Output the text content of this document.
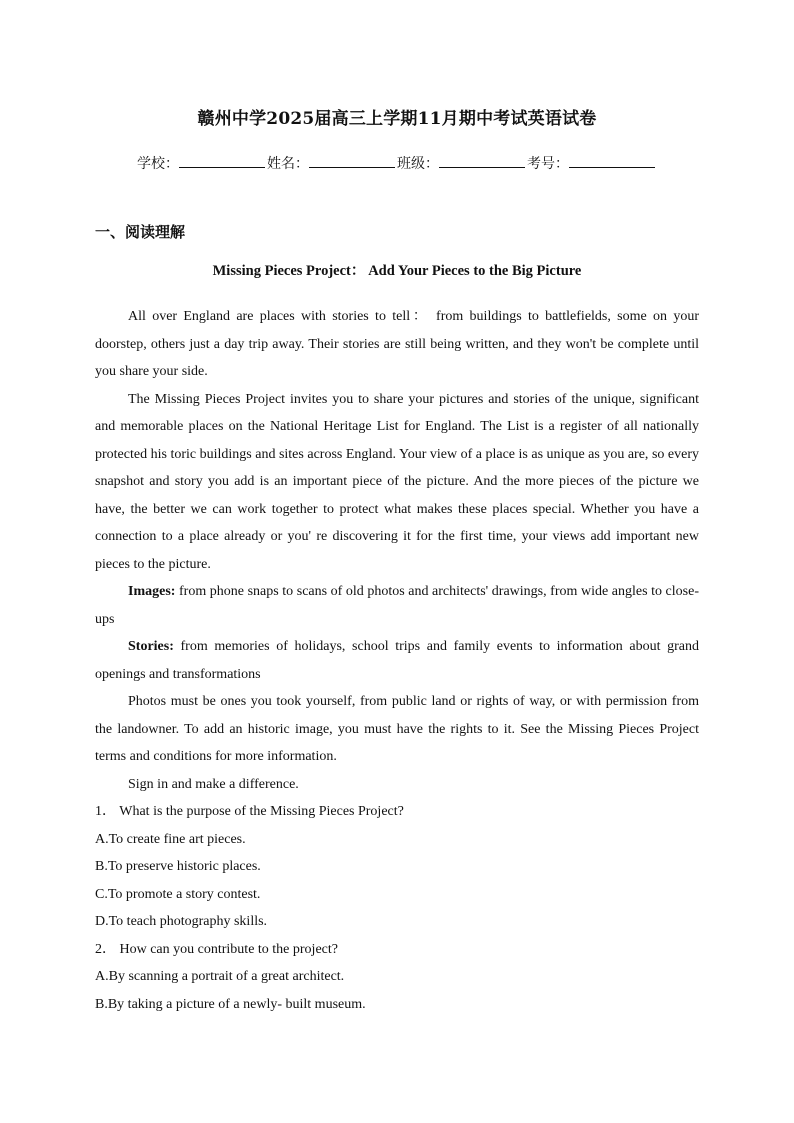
赣州中学2025届高三上学期11月期中考试英语试卷
学校：	姓名：	班级：	考号：
一、阅读理解
Missing Pieces Project： Add Your Pieces to the Big Picture

All over England are places with stories to tell： from buildings to battlefields, some on your doorstep, others just a day trip away. Their stories are still being written, and they won't be complete until you share your side.

The Missing Pieces Project invites you to share your pictures and stories of the unique, significant and memorable places on the National Heritage List for England. The List is a register of all nationally protected his toric buildings and sites across England. Your view of a place is as unique as you are, so every snapshot and story you add is an important piece of the picture. And the more pieces of the picture we have, the better we can work together to protect what makes these places special. Whether you have a connection to a place already or you' re discovering it for the first time, your views add important new pieces to the picture.

Images: from phone snaps to scans of old photos and architects' drawings, from wide angles to close-ups

Stories: from memories of holidays, school trips and family events to information about grand openings and transformations

Photos must be ones you took yourself, from public land or rights of way, or with permission from the landowner. To add an historic image, you must have the rights to it. See the Missing Pieces Project terms and conditions for more information.

Sign in and make a difference.

1． What is the purpose of the Missing Pieces Project?

A.To create fine art pieces.

B.To preserve historic places.

C.To promote a story contest.

D.To teach photography skills.

2． How can you contribute to the project?

A.By scanning a portrait of a great architect.

B.By taking a picture of a newly- built museum.
